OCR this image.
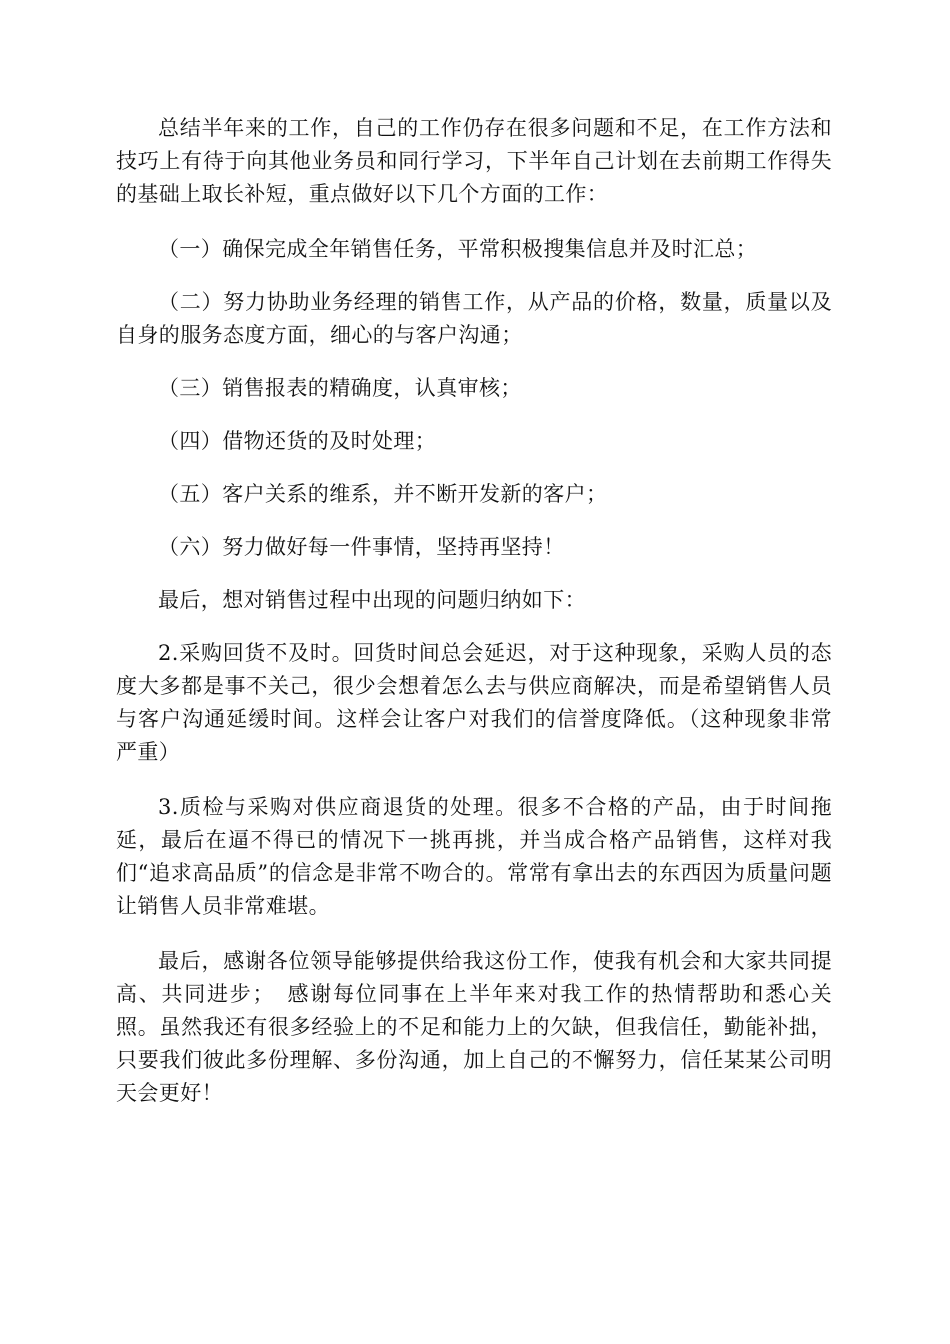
总结半年来的工作，自己的工作仍存在很多问题和不足，在工作方法和技巧上有待于向其他业务员和同行学习，下半年自己计划在去前期工作得失的基础上取长补短，重点做好以下几个方面的工作：

（一）确保完成全年销售任务，平常积极搜集信息并及时汇总；

（二）努力协助业务经理的销售工作，从产品的价格，数量，质量以及自身的服务态度方面，细心的与客户沟通；

（三）销售报表的精确度，认真审核；

（四）借物还货的及时处理；

（五）客户关系的维系，并不断开发新的客户；

（六）努力做好每一件事情，坚持再坚持！

最后，想对销售过程中出现的问题归纳如下：

2.采购回货不及时。回货时间总会延迟，对于这种现象，采购人员的态度大多都是事不关己，很少会想着怎么去与供应商解决，而是希望销售人员与客户沟通延缓时间。这样会让客户对我们的信誉度降低。（这种现象非常严重）

3.质检与采购对供应商退货的处理。很多不合格的产品，由于时间拖延，最后在逼不得已的情况下一挑再挑，并当成合格产品销售，这样对我们“追求高品质”的信念是非常不吻合的。常常有拿出去的东西因为质量问题让销售人员非常难堪。

最后，感谢各位领导能够提供给我这份工作，使我有机会和大家共同提高、共同进步；　感谢每位同事在上半年来对我工作的热情帮助和悉心关照。虽然我还有很多经验上的不足和能力上的欠缺，但我信任，勤能补拙，只要我们彼此多份理解、多份沟通，加上自己的不懈努力，信任某某公司明天会更好！
